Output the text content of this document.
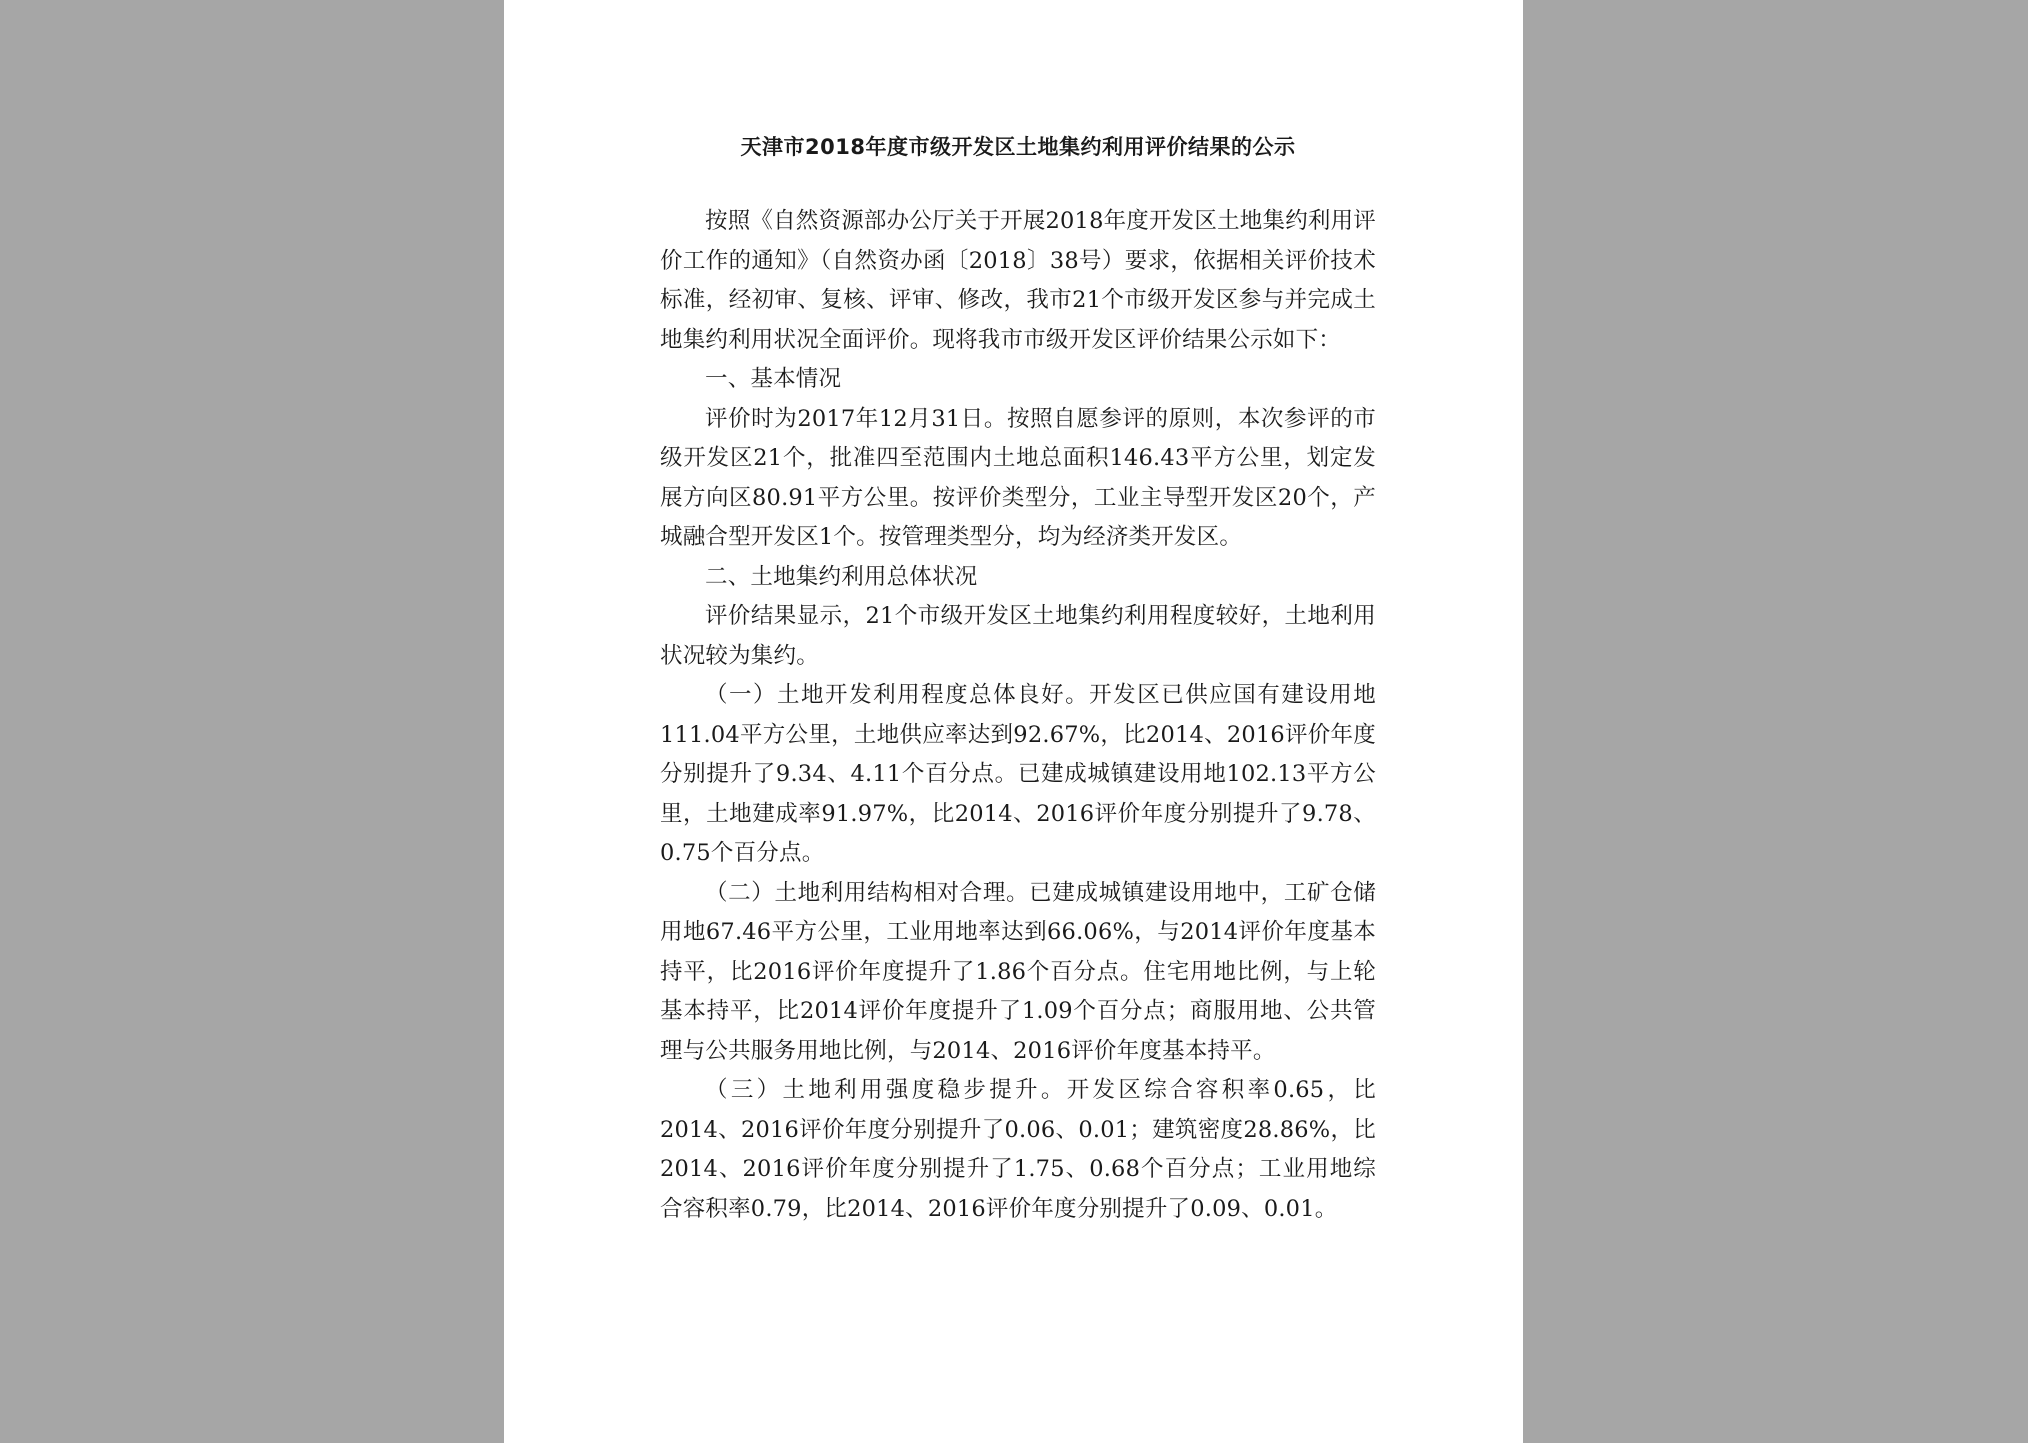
天津市2018年度市级开发区土地集约利用评价结果的公示

按照《自然资源部办公厅关于开展2018年度开发区土地集约利用评价工作的通知》（自然资办函〔2018〕38号）要求，依据相关评价技术标准，经初审、复核、评审、修改，我市21个市级开发区参与并完成土地集约利用状况全面评价。现将我市市级开发区评价结果公示如下：

一、基本情况

评价时为2017年12月31日。按照自愿参评的原则，本次参评的市级开发区21个，批准四至范围内土地总面积146.43平方公里，划定发展方向区80.91平方公里。按评价类型分，工业主导型开发区20个，产城融合型开发区1个。按管理类型分，均为经济类开发区。

二、土地集约利用总体状况

评价结果显示，21个市级开发区土地集约利用程度较好，土地利用状况较为集约。

（一）土地开发利用程度总体良好。开发区已供应国有建设用地111.04平方公里，土地供应率达到92.67%，比2014、2016评价年度分别提升了9.34、4.11个百分点。已建成城镇建设用地102.13平方公里，土地建成率91.97%，比2014、2016评价年度分别提升了9.78、0.75个百分点。

（二）土地利用结构相对合理。已建成城镇建设用地中，工矿仓储用地67.46平方公里，工业用地率达到66.06%，与2014评价年度基本持平，比2016评价年度提升了1.86个百分点。住宅用地比例，与上轮基本持平，比2014评价年度提升了1.09个百分点；商服用地、公共管理与公共服务用地比例，与2014、2016评价年度基本持平。

（三）土地利用强度稳步提升。开发区综合容积率0.65，比2014、2016评价年度分别提升了0.06、0.01；建筑密度28.86%，比2014、2016评价年度分别提升了1.75、0.68个百分点；工业用地综合容积率0.79，比2014、2016评价年度分别提升了0.09、0.01。
